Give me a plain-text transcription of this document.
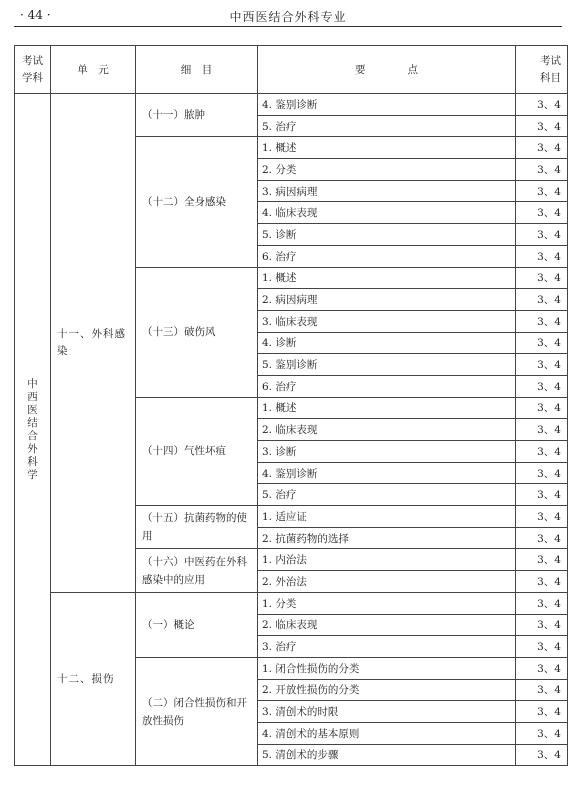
· 44 ·	中西医结合外科专业
考试学科	单　元	细　目	要　　　　点	考试科目

中西医结合外科学	十一、外科感染	（十一）脓肿	4. 鉴别诊断	3、4
			5. 治疗	3、4

		（十二）全身感染	1. 概述	3、4
			2. 分类	3、4
			3. 病因病理	3、4
			4. 临床表现	3、4
			5. 诊断	3、4
			6. 治疗	3、4

		（十三）破伤风	1. 概述	3、4
			2. 病因病理	3、4
			3. 临床表现	3、4
			4. 诊断	3、4
			5. 鉴别诊断	3、4
			6. 治疗	3、4

		（十四）气性坏疽	1. 概述	3、4
			2. 临床表现	3、4
			3. 诊断	3、4
			4. 鉴别诊断	3、4
			5. 治疗	3、4

		（十五）抗菌药物的使用	1. 适应证	3、4
			2. 抗菌药物的选择	3、4

		（十六）中医药在外科感染中的应用	1. 内治法	3、4
			2. 外治法	3、4

	十二、损伤	（一）概论	1. 分类	3、4
			2. 临床表现	3、4
			3. 治疗	3、4

		（二）闭合性损伤和开放性损伤	1. 闭合性损伤的分类	3、4
			2. 开放性损伤的分类	3、4
			3. 清创术的时限	3、4
			4. 清创术的基本原则	3、4
			5. 清创术的步骤	3、4
